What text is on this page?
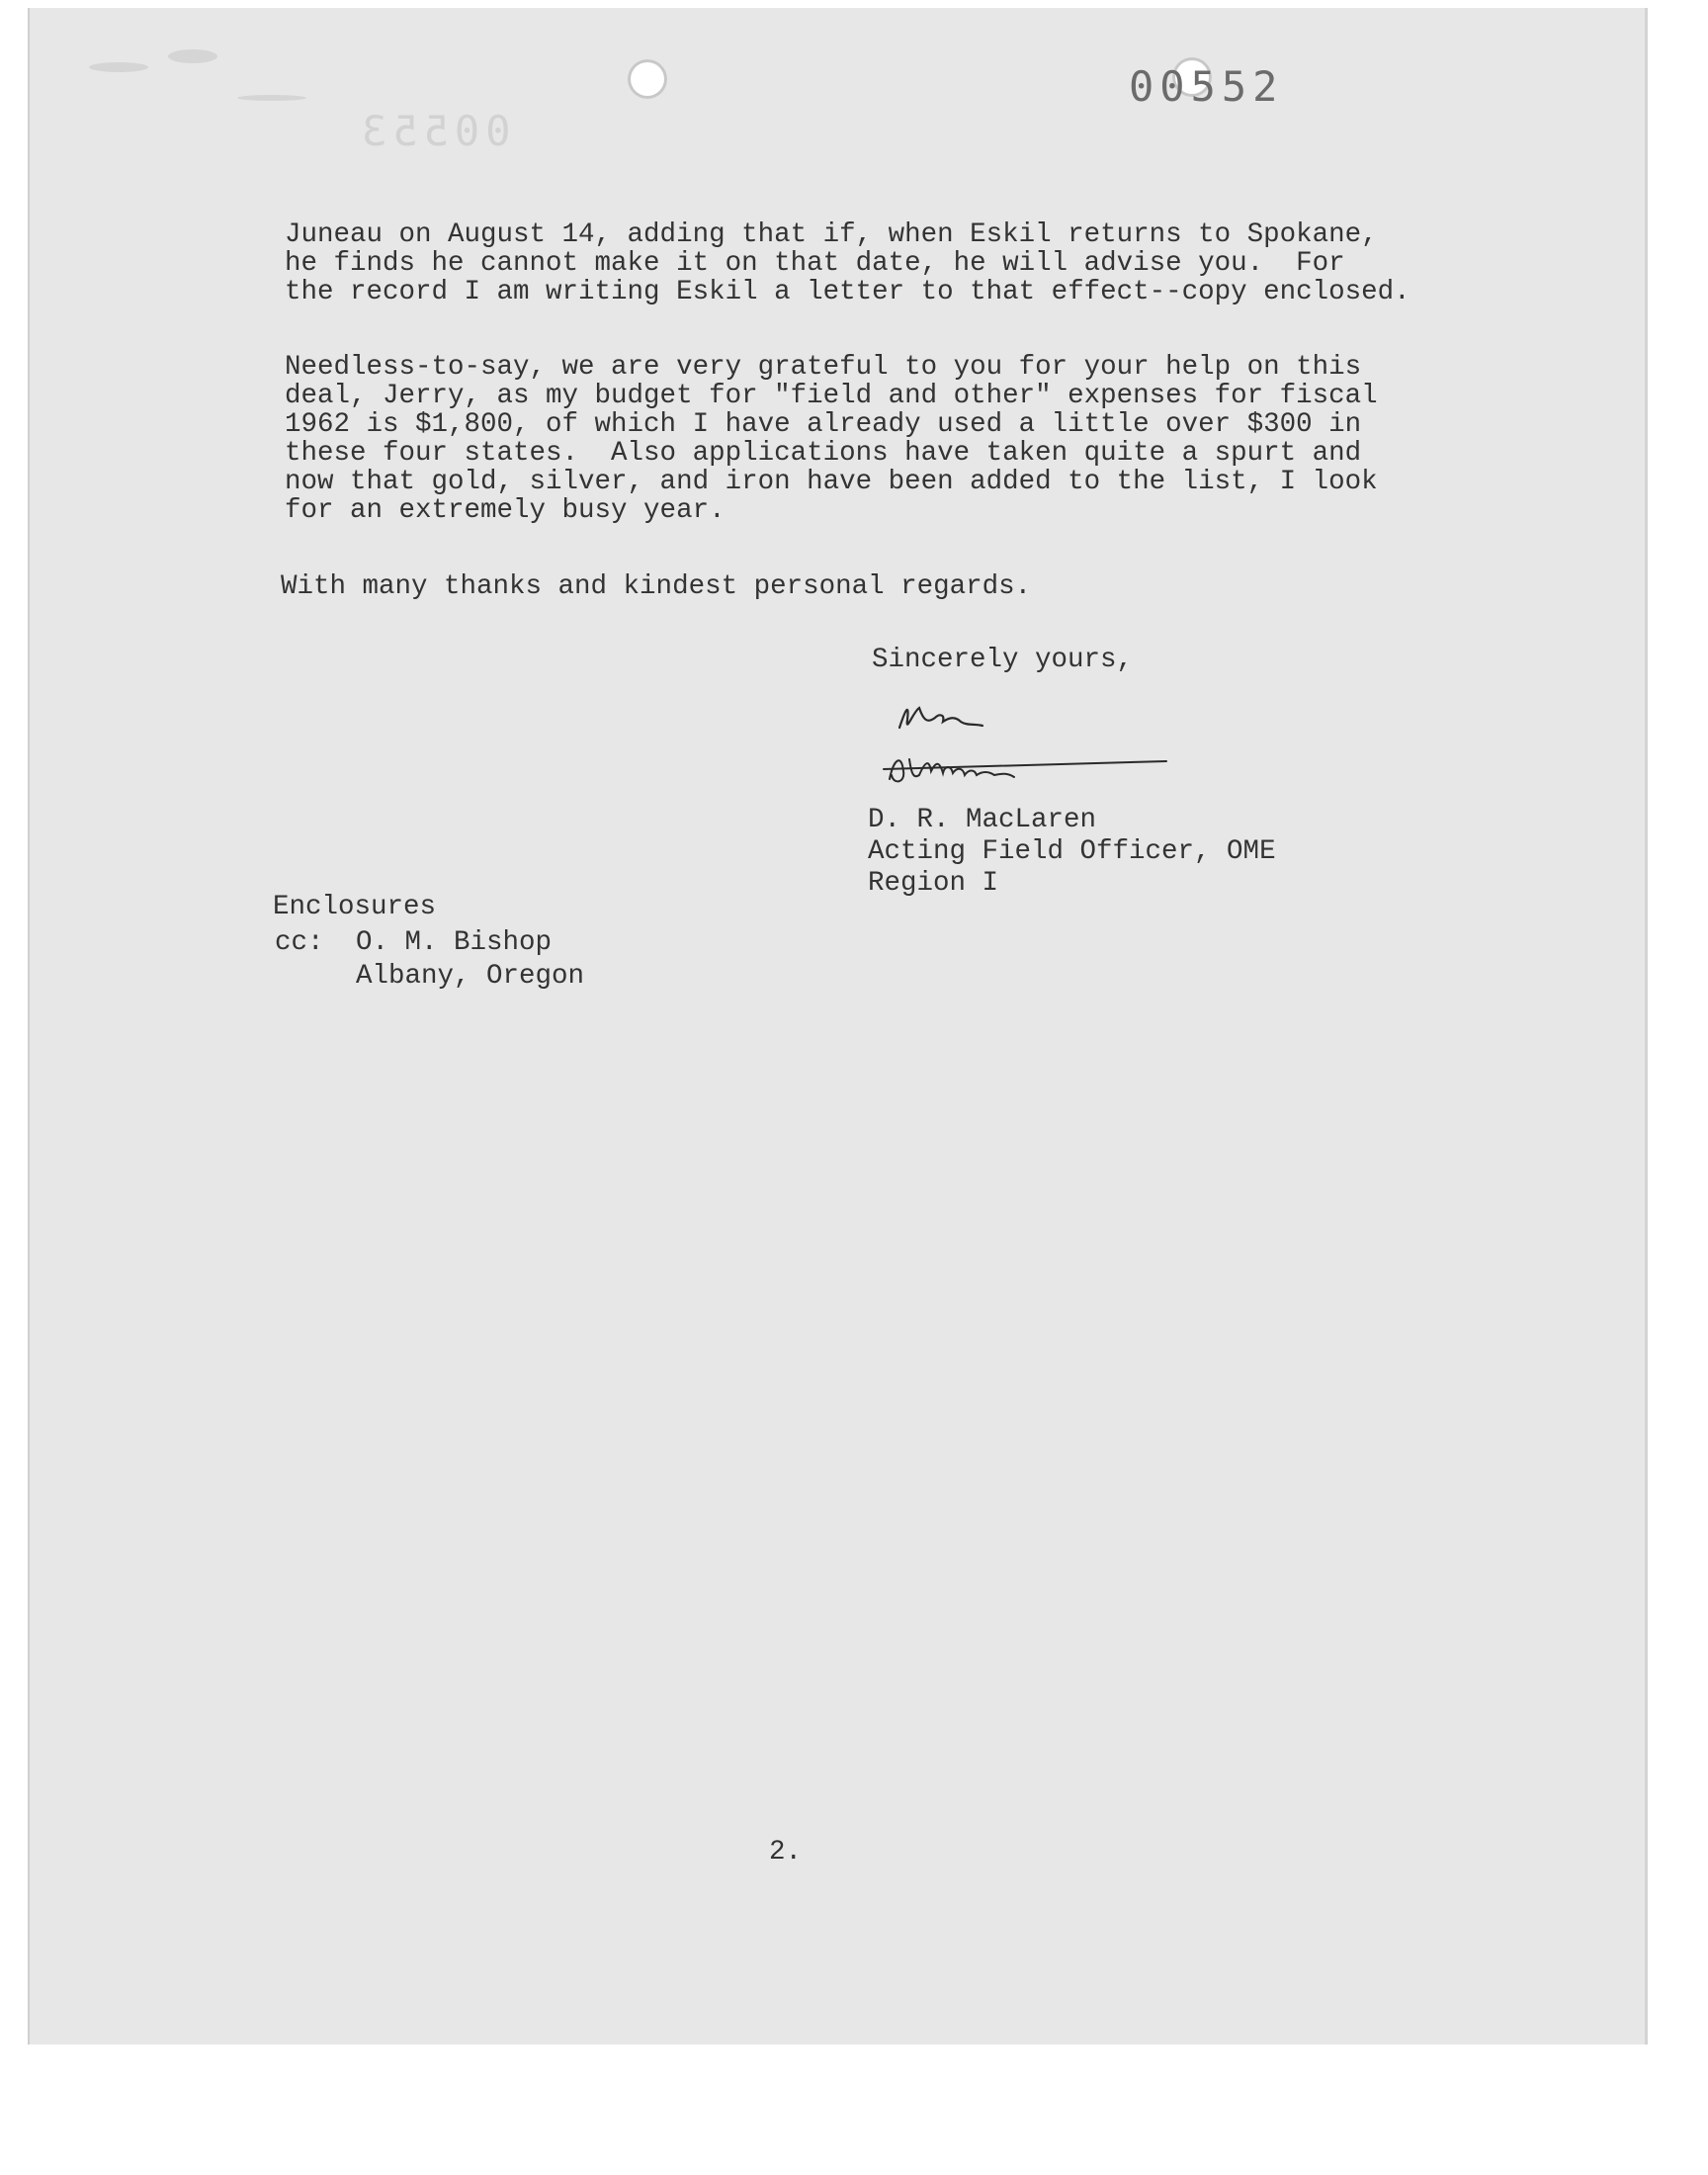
00552
00553
Juneau on August 14, adding that if, when Eskil returns to Spokane,
he finds he cannot make it on that date, he will advise you.  For
the record I am writing Eskil a letter to that effect--copy enclosed.
Needless-to-say, we are very grateful to you for your help on this
deal, Jerry, as my budget for "field and other" expenses for fiscal
1962 is $1,800, of which I have already used a little over $300 in
these four states.  Also applications have taken quite a spurt and
now that gold, silver, and iron have been added to the list, I look
for an extremely busy year.
With many thanks and kindest personal regards.
Sincerely yours,
D. R. MacLaren
Acting Field Officer, OME
Region I
Enclosures
cc: O. M. Bishop
Albany, Oregon
2.
